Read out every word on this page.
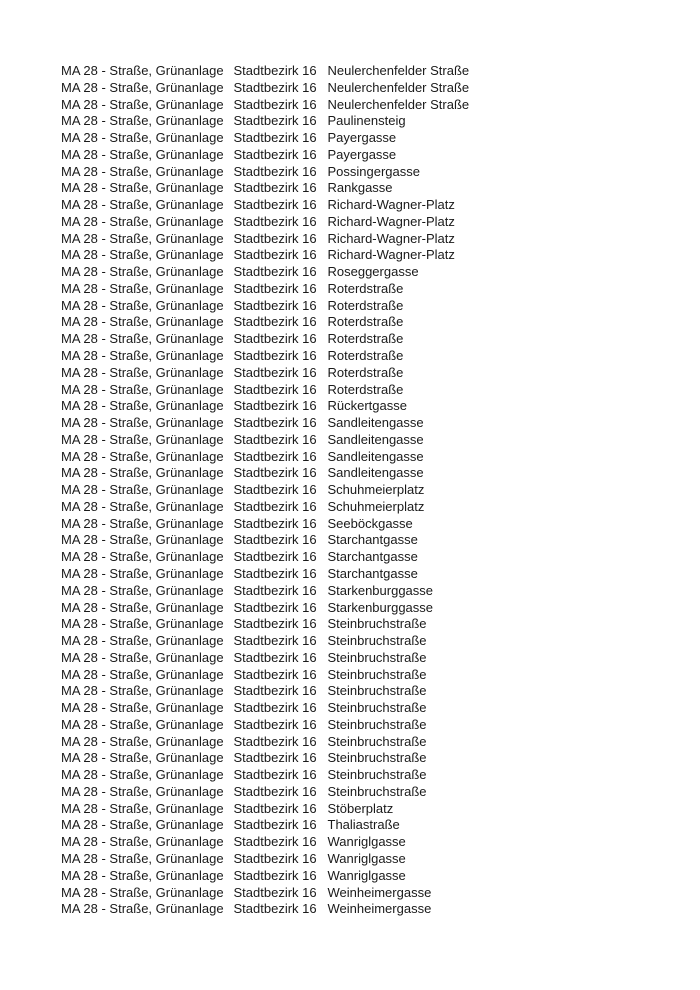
MA 28 - Straße, Grünanlage Stadtbezirk 16 Neulerchenfelder Straße
MA 28 - Straße, Grünanlage Stadtbezirk 16 Neulerchenfelder Straße
MA 28 - Straße, Grünanlage Stadtbezirk 16 Neulerchenfelder Straße
MA 28 - Straße, Grünanlage Stadtbezirk 16 Paulinensteig
MA 28 - Straße, Grünanlage Stadtbezirk 16 Payergasse
MA 28 - Straße, Grünanlage Stadtbezirk 16 Payergasse
MA 28 - Straße, Grünanlage Stadtbezirk 16 Possingergasse
MA 28 - Straße, Grünanlage Stadtbezirk 16 Rankgasse
MA 28 - Straße, Grünanlage Stadtbezirk 16 Richard-Wagner-Platz
MA 28 - Straße, Grünanlage Stadtbezirk 16 Richard-Wagner-Platz
MA 28 - Straße, Grünanlage Stadtbezirk 16 Richard-Wagner-Platz
MA 28 - Straße, Grünanlage Stadtbezirk 16 Richard-Wagner-Platz
MA 28 - Straße, Grünanlage Stadtbezirk 16 Roseggergasse
MA 28 - Straße, Grünanlage Stadtbezirk 16 Roterdstraße
MA 28 - Straße, Grünanlage Stadtbezirk 16 Roterdstraße
MA 28 - Straße, Grünanlage Stadtbezirk 16 Roterdstraße
MA 28 - Straße, Grünanlage Stadtbezirk 16 Roterdstraße
MA 28 - Straße, Grünanlage Stadtbezirk 16 Roterdstraße
MA 28 - Straße, Grünanlage Stadtbezirk 16 Roterdstraße
MA 28 - Straße, Grünanlage Stadtbezirk 16 Roterdstraße
MA 28 - Straße, Grünanlage Stadtbezirk 16 Rückertgasse
MA 28 - Straße, Grünanlage Stadtbezirk 16 Sandleitengasse
MA 28 - Straße, Grünanlage Stadtbezirk 16 Sandleitengasse
MA 28 - Straße, Grünanlage Stadtbezirk 16 Sandleitengasse
MA 28 - Straße, Grünanlage Stadtbezirk 16 Sandleitengasse
MA 28 - Straße, Grünanlage Stadtbezirk 16 Schuhmeierplatz
MA 28 - Straße, Grünanlage Stadtbezirk 16 Schuhmeierplatz
MA 28 - Straße, Grünanlage Stadtbezirk 16 Seeböckgasse
MA 28 - Straße, Grünanlage Stadtbezirk 16 Starchantgasse
MA 28 - Straße, Grünanlage Stadtbezirk 16 Starchantgasse
MA 28 - Straße, Grünanlage Stadtbezirk 16 Starchantgasse
MA 28 - Straße, Grünanlage Stadtbezirk 16 Starkenburggasse
MA 28 - Straße, Grünanlage Stadtbezirk 16 Starkenburggasse
MA 28 - Straße, Grünanlage Stadtbezirk 16 Steinbruchstraße
MA 28 - Straße, Grünanlage Stadtbezirk 16 Steinbruchstraße
MA 28 - Straße, Grünanlage Stadtbezirk 16 Steinbruchstraße
MA 28 - Straße, Grünanlage Stadtbezirk 16 Steinbruchstraße
MA 28 - Straße, Grünanlage Stadtbezirk 16 Steinbruchstraße
MA 28 - Straße, Grünanlage Stadtbezirk 16 Steinbruchstraße
MA 28 - Straße, Grünanlage Stadtbezirk 16 Steinbruchstraße
MA 28 - Straße, Grünanlage Stadtbezirk 16 Steinbruchstraße
MA 28 - Straße, Grünanlage Stadtbezirk 16 Steinbruchstraße
MA 28 - Straße, Grünanlage Stadtbezirk 16 Steinbruchstraße
MA 28 - Straße, Grünanlage Stadtbezirk 16 Steinbruchstraße
MA 28 - Straße, Grünanlage Stadtbezirk 16 Stöberplatz
MA 28 - Straße, Grünanlage Stadtbezirk 16 Thaliastraße
MA 28 - Straße, Grünanlage Stadtbezirk 16 Wanriglgasse
MA 28 - Straße, Grünanlage Stadtbezirk 16 Wanriglgasse
MA 28 - Straße, Grünanlage Stadtbezirk 16 Wanriglgasse
MA 28 - Straße, Grünanlage Stadtbezirk 16 Weinheimergasse
MA 28 - Straße, Grünanlage Stadtbezirk 16 Weinheimergasse
